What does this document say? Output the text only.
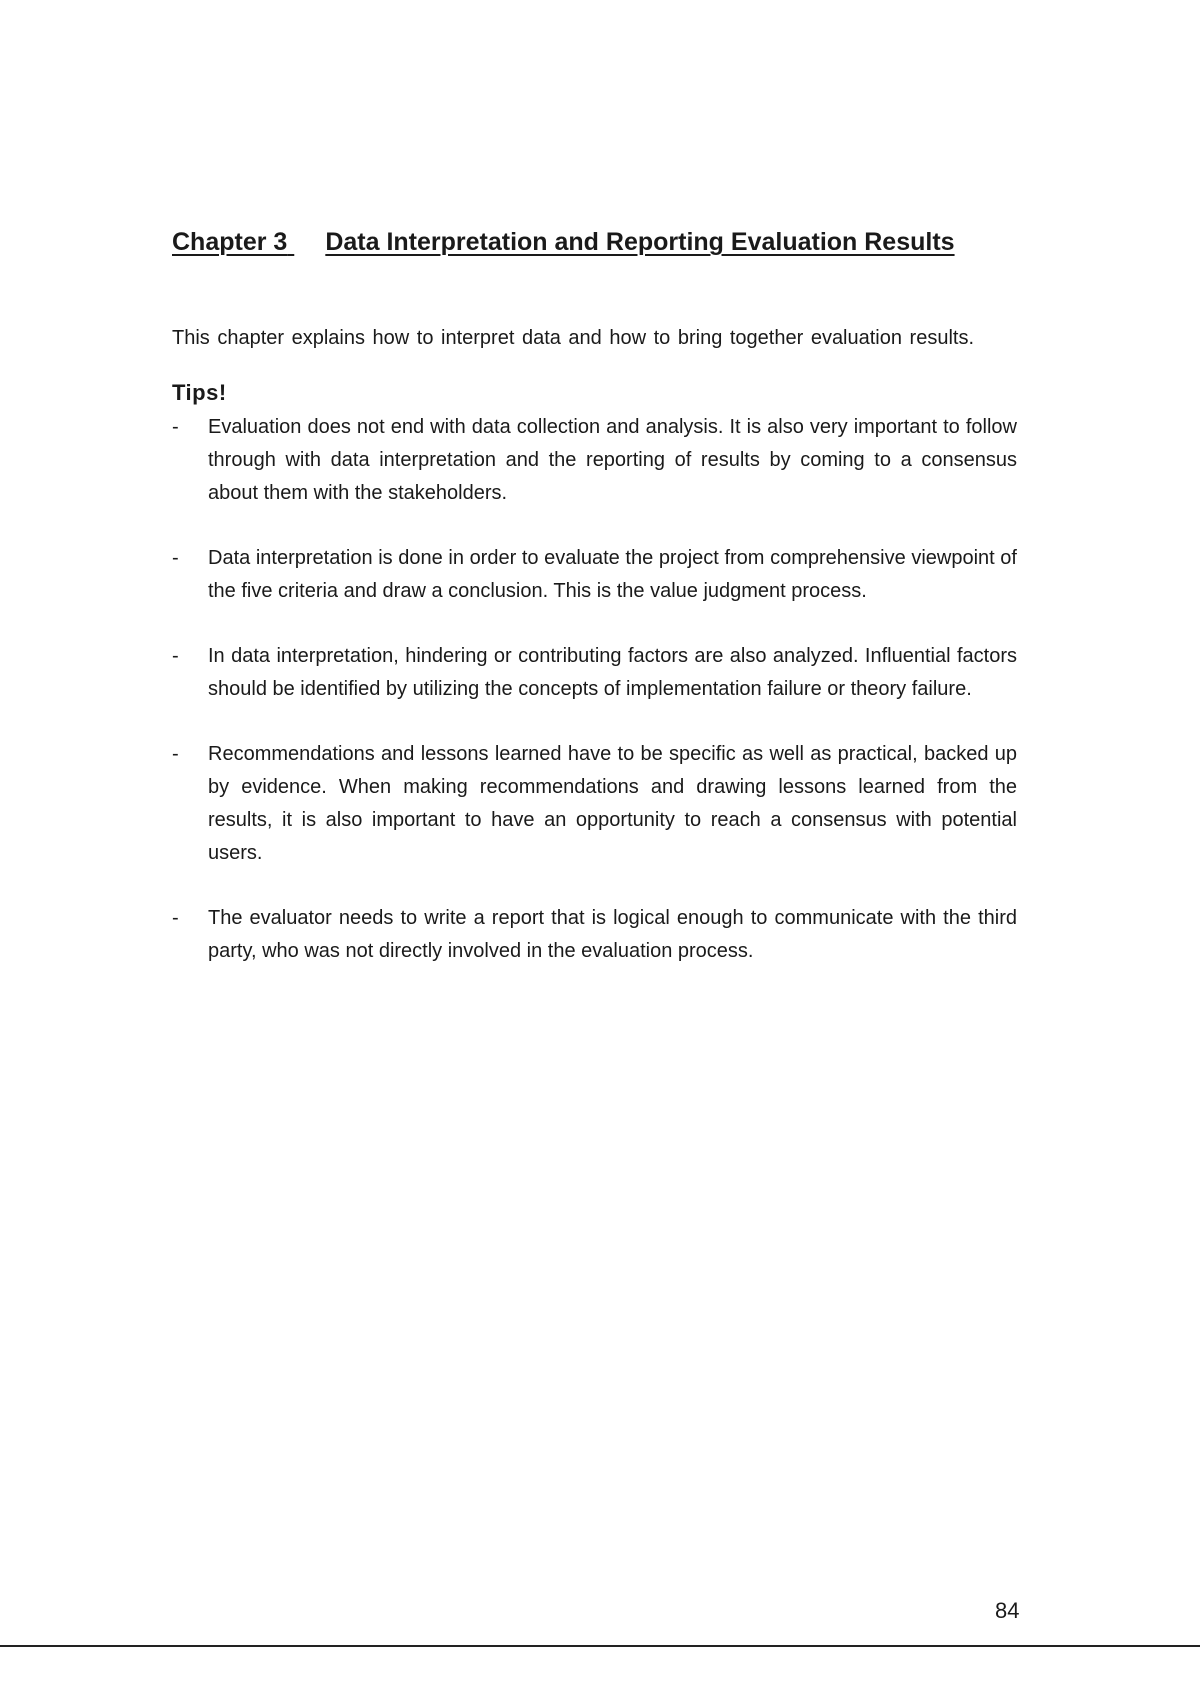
Chapter 3 Data Interpretation and Reporting Evaluation Results

This chapter explains how to interpret data and how to bring together evaluation results.

Tips!
- Evaluation does not end with data collection and analysis. It is also very important to follow through with data interpretation and the reporting of results by coming to a consensus about them with the stakeholders.
- Data interpretation is done in order to evaluate the project from comprehensive viewpoint of the five criteria and draw a conclusion. This is the value judgment process.
- In data interpretation, hindering or contributing factors are also analyzed. Influential factors should be identified by utilizing the concepts of implementation failure or theory failure.
- Recommendations and lessons learned have to be specific as well as practical, backed up by evidence. When making recommendations and drawing lessons learned from the results, it is also important to have an opportunity to reach a consensus with potential users.
- The evaluator needs to write a report that is logical enough to communicate with the third party, who was not directly involved in the evaluation process.
84
